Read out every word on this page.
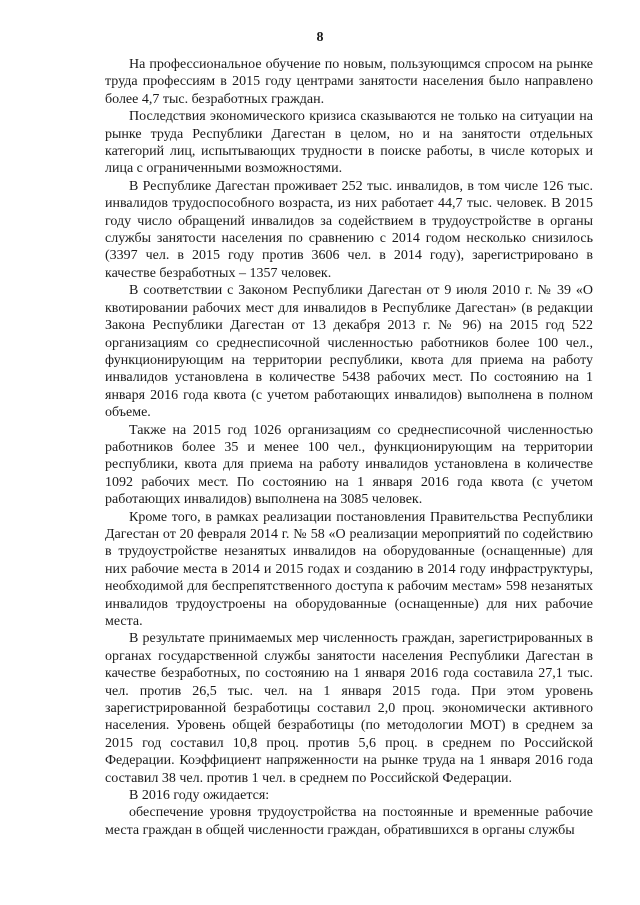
8

На профессиональное обучение по новым, пользующимся спросом на рынке труда профессиям в 2015 году центрами занятости населения было направлено более 4,7 тыс. безработных граждан.

Последствия экономического кризиса сказываются не только на ситуации на рынке труда Республики Дагестан в целом, но и на занятости отдельных категорий лиц, испытывающих трудности в поиске работы, в числе которых и лица с ограниченными возможностями.

В Республике Дагестан проживает 252 тыс. инвалидов, в том числе 126 тыс. инвалидов трудоспособного возраста, из них работает 44,7 тыс. человек. В 2015 году число обращений инвалидов за содействием в трудоустройстве в органы службы занятости населения по сравнению с 2014 годом несколько снизилось (3397 чел. в 2015 году против 3606 чел. в 2014 году), зарегистрировано в качестве безработных – 1357 человек.

В соответствии с Законом Республики Дагестан от 9 июля 2010 г. № 39 «О квотировании рабочих мест для инвалидов в Республике Дагестан» (в редакции Закона Республики Дагестан от 13 декабря 2013 г. № 96) на 2015 год 522 организациям со среднесписочной численностью работников более 100 чел., функционирующим на территории республики, квота для приема на работу инвалидов установлена в количестве 5438 рабочих мест. По состоянию на 1 января 2016 года квота (с учетом работающих инвалидов) выполнена в полном объеме.

Также на 2015 год 1026 организациям со среднесписочной численностью работников более 35 и менее 100 чел., функционирующим на территории республики, квота для приема на работу инвалидов установлена в количестве 1092 рабочих мест. По состоянию на 1 января 2016 года квота (с учетом работающих инвалидов) выполнена на 3085 человек.

Кроме того, в рамках реализации постановления Правительства Республики Дагестан от 20 февраля 2014 г. № 58 «О реализации мероприятий по содействию в трудоустройстве незанятых инвалидов на оборудованные (оснащенные) для них рабочие места в 2014 и 2015 годах и созданию в 2014 году инфраструктуры, необходимой для беспрепятственного доступа к рабочим местам» 598 незанятых инвалидов трудоустроены на оборудованные (оснащенные) для них рабочие места.

В результате принимаемых мер численность граждан, зарегистрированных в органах государственной службы занятости населения Республики Дагестан в качестве безработных, по состоянию на 1 января 2016 года составила 27,1 тыс. чел. против 26,5 тыс. чел. на 1 января 2015 года. При этом уровень зарегистрированной безработицы составил 2,0 проц. экономически активного населения. Уровень общей безработицы (по методологии МОТ) в среднем за 2015 год составил 10,8 проц. против 5,6 проц. в среднем по Российской Федерации. Коэффициент напряженности на рынке труда на 1 января 2016 года составил 38 чел. против 1 чел. в среднем по Российской Федерации.

В 2016 году ожидается:

обеспечение уровня трудоустройства на постоянные и временные рабочие места граждан в общей численности граждан, обратившихся в органы службы
